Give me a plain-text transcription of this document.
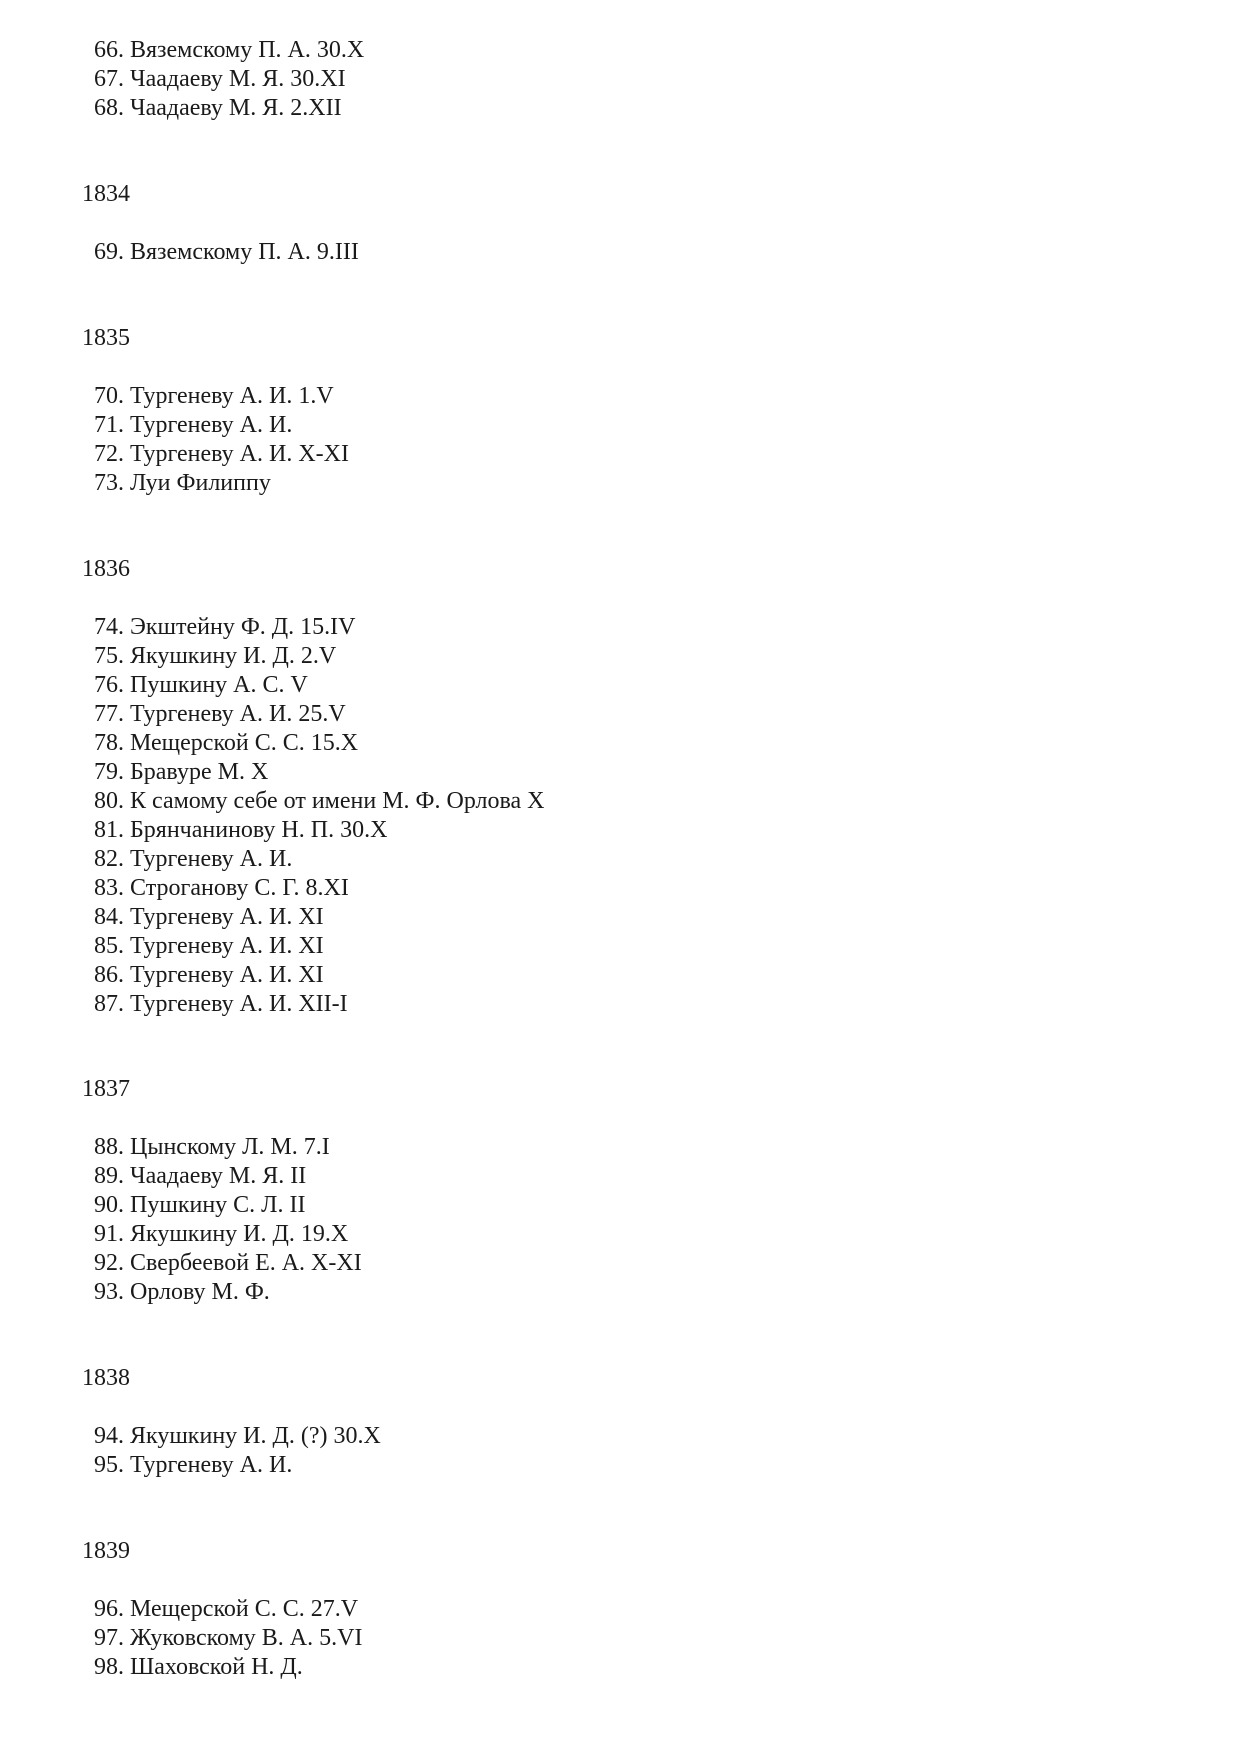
66. Вяземскому П. А. 30.X
67. Чаадаеву М. Я. 30.XI
68. Чаадаеву М. Я. 2.XII
1834
69. Вяземскому П. А. 9.III
1835
70. Тургеневу А. И. 1.V
71. Тургеневу А. И.
72. Тургеневу А. И. X-XI
73. Луи Филиппу
1836
74. Экштейну Ф. Д. 15.IV
75. Якушкину И. Д. 2.V
76. Пушкину А. С. V
77. Тургеневу А. И. 25.V
78. Мещерской С. С. 15.X
79. Бравуре М. X
80. К самому себе от имени М. Ф. Орлова X
81. Брянчанинову Н. П. 30.X
82. Тургеневу А. И.
83. Строганову С. Г. 8.XI
84. Тургеневу А. И. XI
85. Тургеневу А. И. XI
86. Тургеневу А. И. XI
87. Тургеневу А. И. XII-I
1837
88. Цынскому Л. М. 7.I
89. Чаадаеву М. Я. II
90. Пушкину С. Л. II
91. Якушкину И. Д. 19.X
92. Свербеевой Е. А. X-XI
93. Орлову М. Ф.
1838
94. Якушкину И. Д. (?) 30.X
95. Тургеневу А. И.
1839
96. Мещерской С. С. 27.V
97. Жуковскому В. А. 5.VI
98. Шаховской Н. Д.
